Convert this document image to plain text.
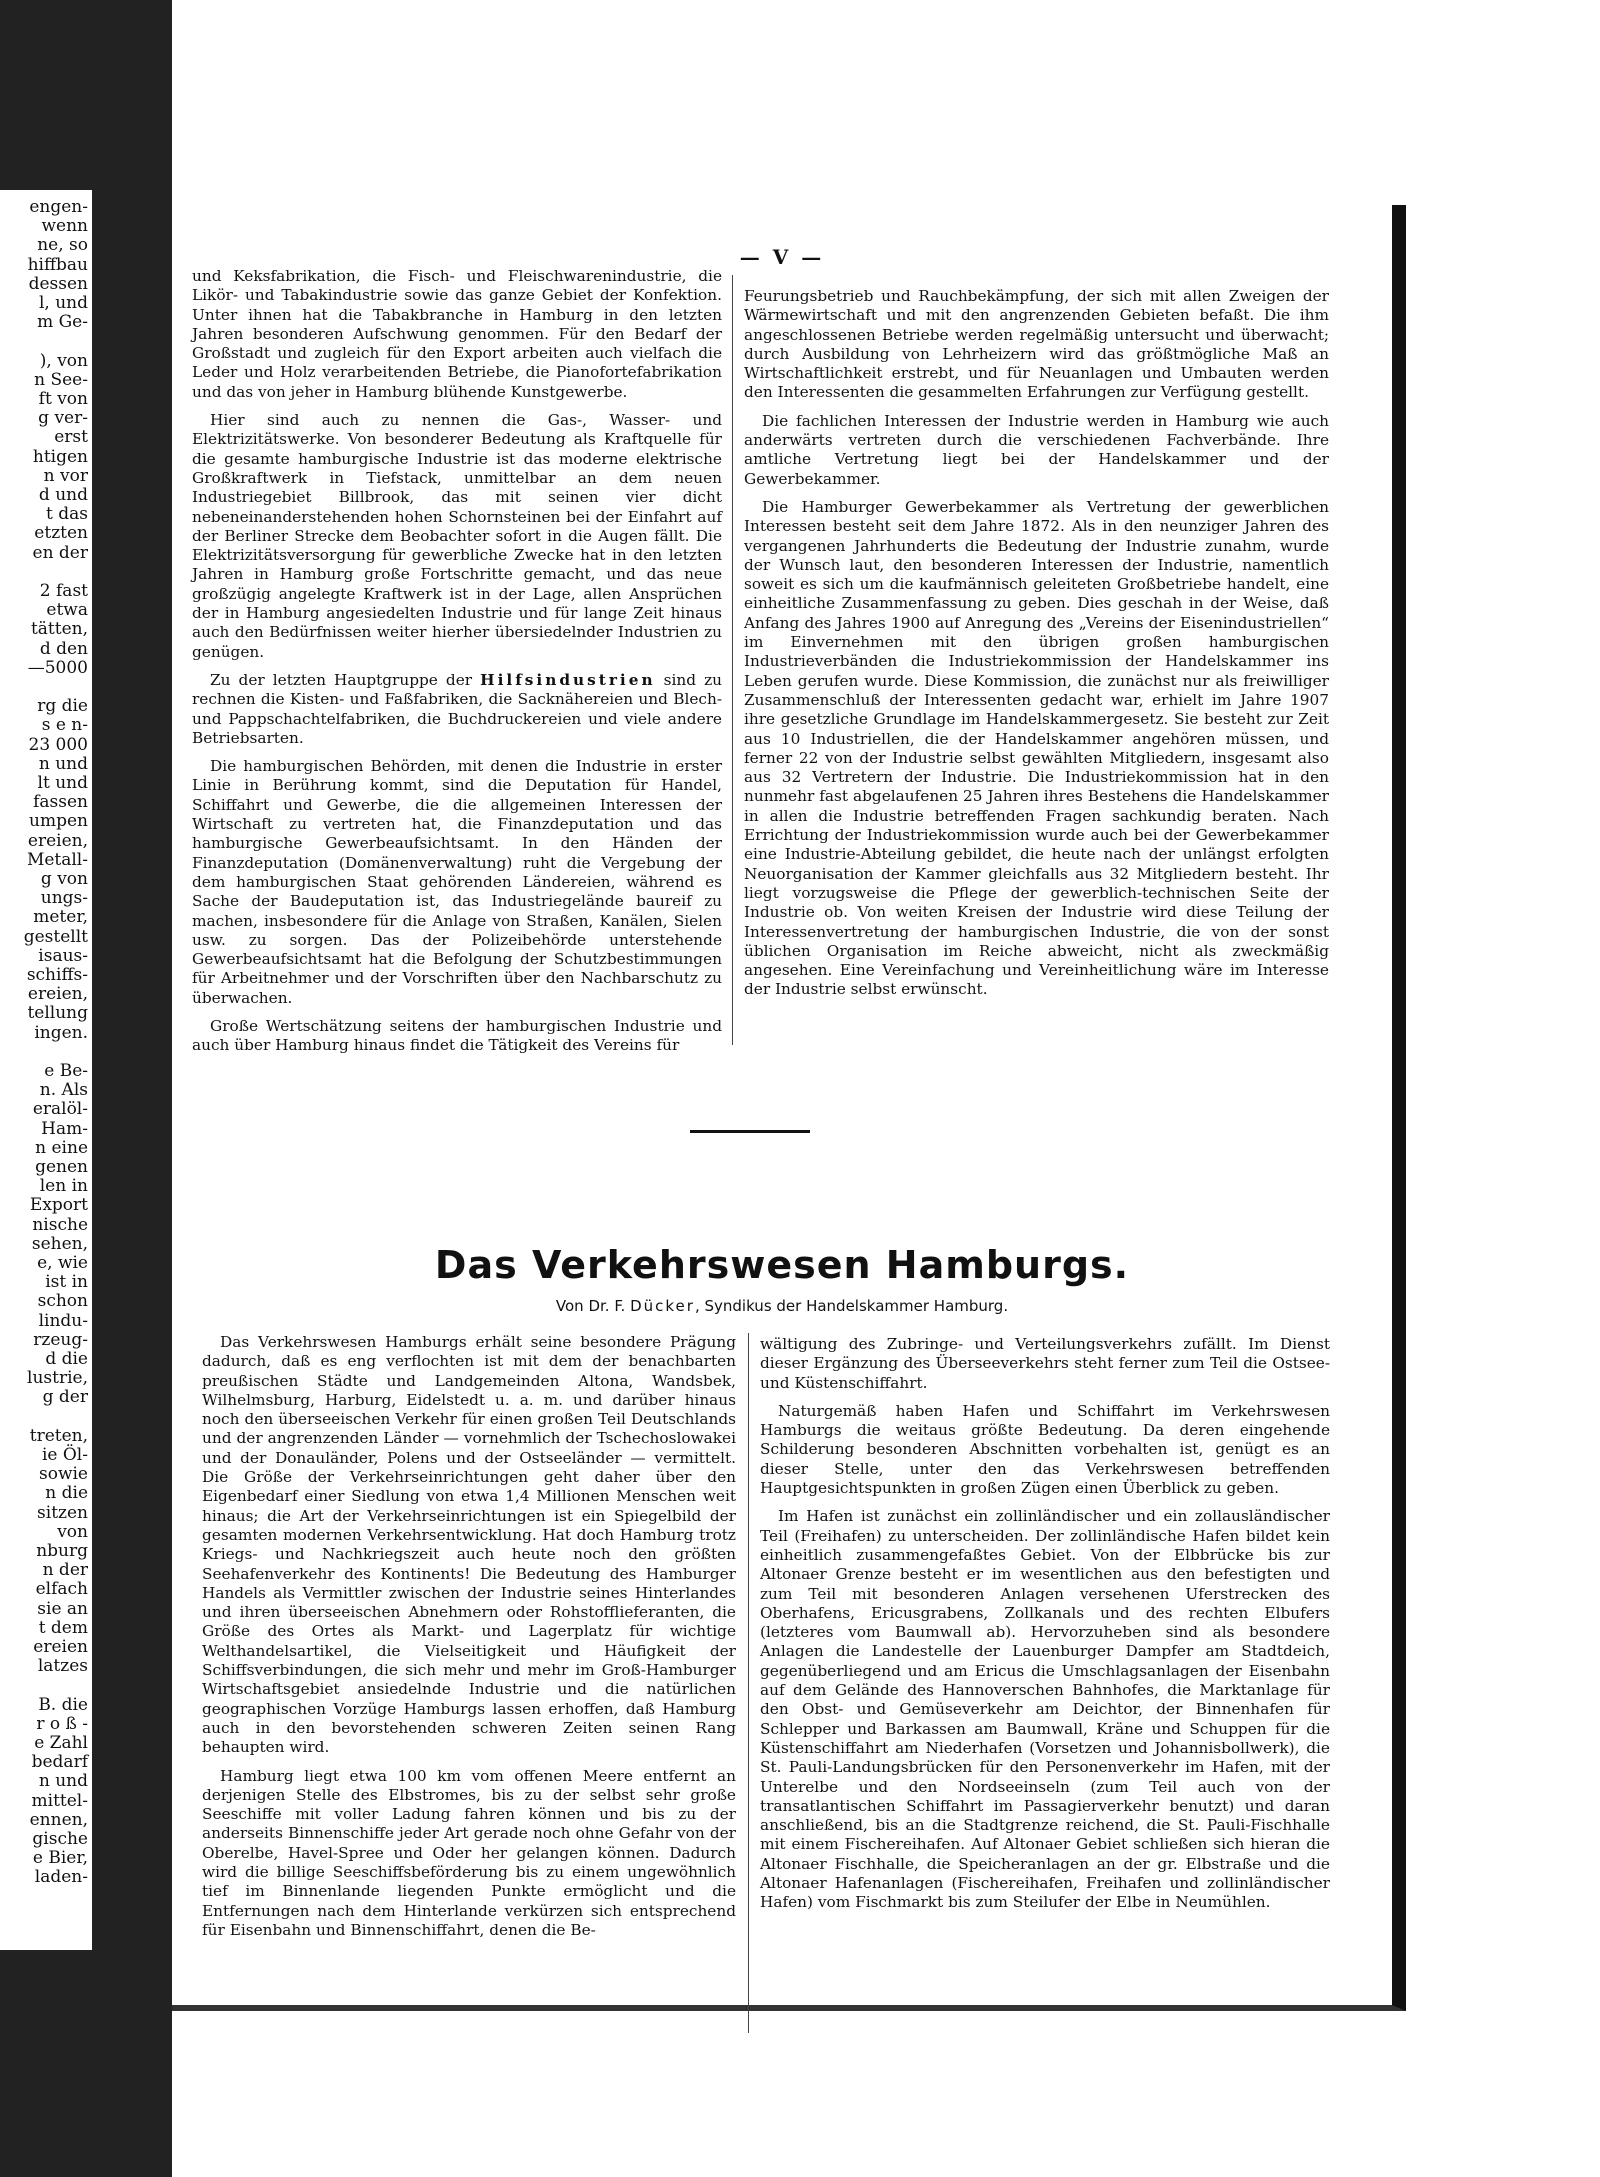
engen-
wenn
ne, so
hiffbau
dessen
l, und
m Ge-
), von
n See-
ft von
g ver-
erst
htigen
n vor
d und
t das
etzten
en der
2 fast
etwa
tätten,
d den
—5000
rg die
s e n-
23 000
n und
lt und
fassen
umpen
ereien,
Metall-
g von
ungs-
meter,
gestellt
isaus-
schiffs-
ereien,
tellung
ingen.
e Be-
n. Als
eralöl-
Ham-
n eine
genen
len in
Export
nische
sehen,
e, wie
ist in
schon
lindu-
rzeug-
d die
lustrie,
g der
treten,
ie Öl-
sowie
n die
sitzen
von
nburg
n der
elfach
sie an
t dem
ereien
latzes
B. die
r o ß -
e Zahl
bedarf
n und
mittel-
ennen,
gische
e Bier,
laden-
— V —

und Keksfabrikation, die Fisch- und Fleischwarenindustrie, die Likör- und Tabakindustrie sowie das ganze Gebiet der Konfektion. Unter ihnen hat die Tabakbranche in Hamburg in den letzten Jahren besonderen Aufschwung genommen. Für den Bedarf der Großstadt und zugleich für den Export arbeiten auch vielfach die Leder und Holz verarbeitenden Betriebe, die Pianofortefabrikation und das von jeher in Hamburg blühende Kunstgewerbe.

Hier sind auch zu nennen die Gas-, Wasser- und Elektrizitätswerke. Von besonderer Bedeutung als Kraftquelle für die gesamte hamburgische Industrie ist das moderne elektrische Großkraftwerk in Tiefstack, unmittelbar an dem neuen Industriegebiet Billbrook, das mit seinen vier dicht nebeneinanderstehenden hohen Schornsteinen bei der Einfahrt auf der Berliner Strecke dem Beobachter sofort in die Augen fällt. Die Elektrizitätsversorgung für gewerbliche Zwecke hat in den letzten Jahren in Hamburg große Fortschritte gemacht, und das neue großzügig angelegte Kraftwerk ist in der Lage, allen Ansprüchen der in Hamburg angesiedelten Industrie und für lange Zeit hinaus auch den Bedürfnissen weiter hierher übersiedelnder Industrien zu genügen.

Zu der letzten Hauptgruppe der Hilfsindustrien sind zu rechnen die Kisten- und Faßfabriken, die Sacknähereien und Blech- und Pappschachtelfabriken, die Buchdruckereien und viele andere Betriebsarten.

Die hamburgischen Behörden, mit denen die Industrie in erster Linie in Berührung kommt, sind die Deputation für Handel, Schiffahrt und Gewerbe, die die allgemeinen Interessen der Wirtschaft zu vertreten hat, die Finanzdeputation und das hamburgische Gewerbeaufsichtsamt. In den Händen der Finanzdeputation (Domänenverwaltung) ruht die Vergebung der dem hamburgischen Staat gehörenden Ländereien, während es Sache der Baudeputation ist, das Industriegelände baureif zu machen, insbesondere für die Anlage von Straßen, Kanälen, Sielen usw. zu sorgen. Das der Polizeibehörde unterstehende Gewerbeaufsichtsamt hat die Befolgung der Schutzbestimmungen für Arbeitnehmer und der Vorschriften über den Nachbarschutz zu überwachen.

Große Wertschätzung seitens der hamburgischen Industrie und auch über Hamburg hinaus findet die Tätigkeit des Vereins für

Feurungsbetrieb und Rauchbekämpfung, der sich mit allen Zweigen der Wärmewirtschaft und mit den angrenzenden Gebieten befaßt. Die ihm angeschlossenen Betriebe werden regelmäßig untersucht und überwacht; durch Ausbildung von Lehrheizern wird das größtmögliche Maß an Wirtschaftlichkeit erstrebt, und für Neuanlagen und Umbauten werden den Interessenten die gesammelten Erfahrungen zur Verfügung gestellt.

Die fachlichen Interessen der Industrie werden in Hamburg wie auch anderwärts vertreten durch die verschiedenen Fachverbände. Ihre amtliche Vertretung liegt bei der Handelskammer und der Gewerbekammer.

Die Hamburger Gewerbekammer als Vertretung der gewerblichen Interessen besteht seit dem Jahre 1872. Als in den neunziger Jahren des vergangenen Jahrhunderts die Bedeutung der Industrie zunahm, wurde der Wunsch laut, den besonderen Interessen der Industrie, namentlich soweit es sich um die kaufmännisch geleiteten Großbetriebe handelt, eine einheitliche Zusammenfassung zu geben. Dies geschah in der Weise, daß Anfang des Jahres 1900 auf Anregung des „Vereins der Eisenindustriellen“ im Einvernehmen mit den übrigen großen hamburgischen Industrieverbänden die Industriekommission der Handelskammer ins Leben gerufen wurde. Diese Kommission, die zunächst nur als freiwilliger Zusammenschluß der Interessenten gedacht war, erhielt im Jahre 1907 ihre gesetzliche Grundlage im Handelskammergesetz. Sie besteht zur Zeit aus 10 Industriellen, die der Handelskammer angehören müssen, und ferner 22 von der Industrie selbst gewählten Mitgliedern, insgesamt also aus 32 Vertretern der Industrie. Die Industriekommission hat in den nunmehr fast abgelaufenen 25 Jahren ihres Bestehens die Handelskammer in allen die Industrie betreffenden Fragen sachkundig beraten. Nach Errichtung der Industriekommission wurde auch bei der Gewerbekammer eine Industrie-Abteilung gebildet, die heute nach der unlängst erfolgten Neuorganisation der Kammer gleichfalls aus 32 Mitgliedern besteht. Ihr liegt vorzugsweise die Pflege der gewerblich-technischen Seite der Industrie ob. Von weiten Kreisen der Industrie wird diese Teilung der Interessenvertretung der hamburgischen Industrie, die von der sonst üblichen Organisation im Reiche abweicht, nicht als zweckmäßig angesehen. Eine Vereinfachung und Vereinheitlichung wäre im Interesse der Industrie selbst erwünscht.

Das Verkehrswesen Hamburgs.
Von Dr. F. Dücker, Syndikus der Handelskammer Hamburg.

Das Verkehrswesen Hamburgs erhält seine besondere Prägung dadurch, daß es eng verflochten ist mit dem der benachbarten preußischen Städte und Landgemeinden Altona, Wandsbek, Wilhelmsburg, Harburg, Eidelstedt u. a. m. und darüber hinaus noch den überseeischen Verkehr für einen großen Teil Deutschlands und der angrenzenden Länder — vornehmlich der Tschechoslowakei und der Donauländer, Polens und der Ostseeländer — vermittelt. Die Größe der Verkehrseinrichtungen geht daher über den Eigenbedarf einer Siedlung von etwa 1,4 Millionen Menschen weit hinaus; die Art der Verkehrseinrichtungen ist ein Spiegelbild der gesamten modernen Verkehrsentwicklung. Hat doch Hamburg trotz Kriegs- und Nachkriegszeit auch heute noch den größten Seehafenverkehr des Kontinents! Die Bedeutung des Hamburger Handels als Vermittler zwischen der Industrie seines Hinterlandes und ihren überseeischen Abnehmern oder Rohstofflieferanten, die Größe des Ortes als Markt- und Lagerplatz für wichtige Welthandelsartikel, die Vielseitigkeit und Häufigkeit der Schiffsverbindungen, die sich mehr und mehr im Groß-Hamburger Wirtschaftsgebiet ansiedelnde Industrie und die natürlichen geographischen Vorzüge Hamburgs lassen erhoffen, daß Hamburg auch in den bevorstehenden schweren Zeiten seinen Rang behaupten wird.

Hamburg liegt etwa 100 km vom offenen Meere entfernt an derjenigen Stelle des Elbstromes, bis zu der selbst sehr große Seeschiffe mit voller Ladung fahren können und bis zu der anderseits Binnenschiffe jeder Art gerade noch ohne Gefahr von der Oberelbe, Havel-Spree und Oder her gelangen können. Dadurch wird die billige Seeschiffsbeförderung bis zu einem ungewöhnlich tief im Binnenlande liegenden Punkte ermöglicht und die Entfernungen nach dem Hinterlande verkürzen sich entsprechend für Eisenbahn und Binnenschiffahrt, denen die Be-

wältigung des Zubringe- und Verteilungsverkehrs zufällt. Im Dienst dieser Ergänzung des Überseeverkehrs steht ferner zum Teil die Ostsee- und Küstenschiffahrt.

Naturgemäß haben Hafen und Schiffahrt im Verkehrswesen Hamburgs die weitaus größte Bedeutung. Da deren eingehende Schilderung besonderen Abschnitten vorbehalten ist, genügt es an dieser Stelle, unter den das Verkehrswesen betreffenden Hauptgesichtspunkten in großen Zügen einen Überblick zu geben.

Im Hafen ist zunächst ein zollinländischer und ein zollausländischer Teil (Freihafen) zu unterscheiden. Der zollinländische Hafen bildet kein einheitlich zusammengefaßtes Gebiet. Von der Elbbrücke bis zur Altonaer Grenze besteht er im wesentlichen aus den befestigten und zum Teil mit besonderen Anlagen versehenen Uferstrecken des Oberhafens, Ericusgrabens, Zollkanals und des rechten Elbufers (letzteres vom Baumwall ab). Hervorzuheben sind als besondere Anlagen die Landestelle der Lauenburger Dampfer am Stadtdeich, gegenüberliegend und am Ericus die Umschlagsanlagen der Eisenbahn auf dem Gelände des Hannoverschen Bahnhofes, die Marktanlage für den Obst- und Gemüseverkehr am Deichtor, der Binnenhafen für Schlepper und Barkassen am Baumwall, Kräne und Schuppen für die Küstenschiffahrt am Niederhafen (Vorsetzen und Johannisbollwerk), die St. Pauli-Landungsbrücken für den Personenverkehr im Hafen, mit der Unterelbe und den Nordseeinseln (zum Teil auch von der transatlantischen Schiffahrt im Passagierverkehr benutzt) und daran anschließend, bis an die Stadtgrenze reichend, die St. Pauli-Fischhalle mit einem Fischereihafen. Auf Altonaer Gebiet schließen sich hieran die Altonaer Fischhalle, die Speicheranlagen an der gr. Elbstraße und die Altonaer Hafenanlagen (Fischereihafen, Freihafen und zollinländischer Hafen) vom Fischmarkt bis zum Steilufer der Elbe in Neumühlen.
